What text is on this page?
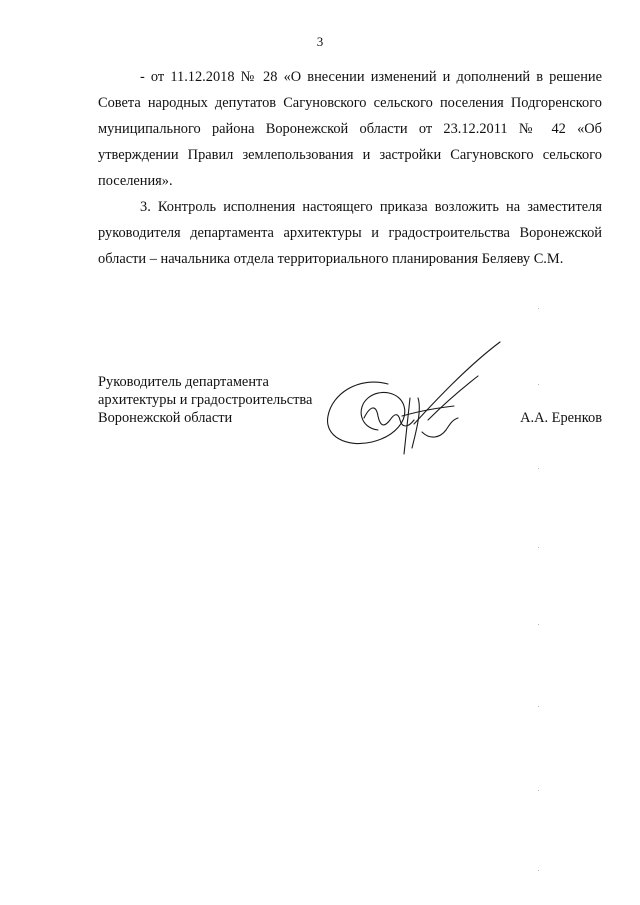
3

- от 11.12.2018 № 28 «О внесении изменений и дополнений в решение Совета народных депутатов Сагуновского сельского поселения Подгоренского муниципального района Воронежской области от 23.12.2011 № 42 «Об утверждении Правил землепользования и застройки Сагуновского сельского поселения».

3. Контроль исполнения настоящего приказа возложить на заместителя руководителя департамента архитектуры и градостроительства Воронежской области – начальника отдела территориального планирования Беляеву С.М.

Руководитель департамента
архитектуры и градостроительства
Воронежской области	А.А. Еренков
